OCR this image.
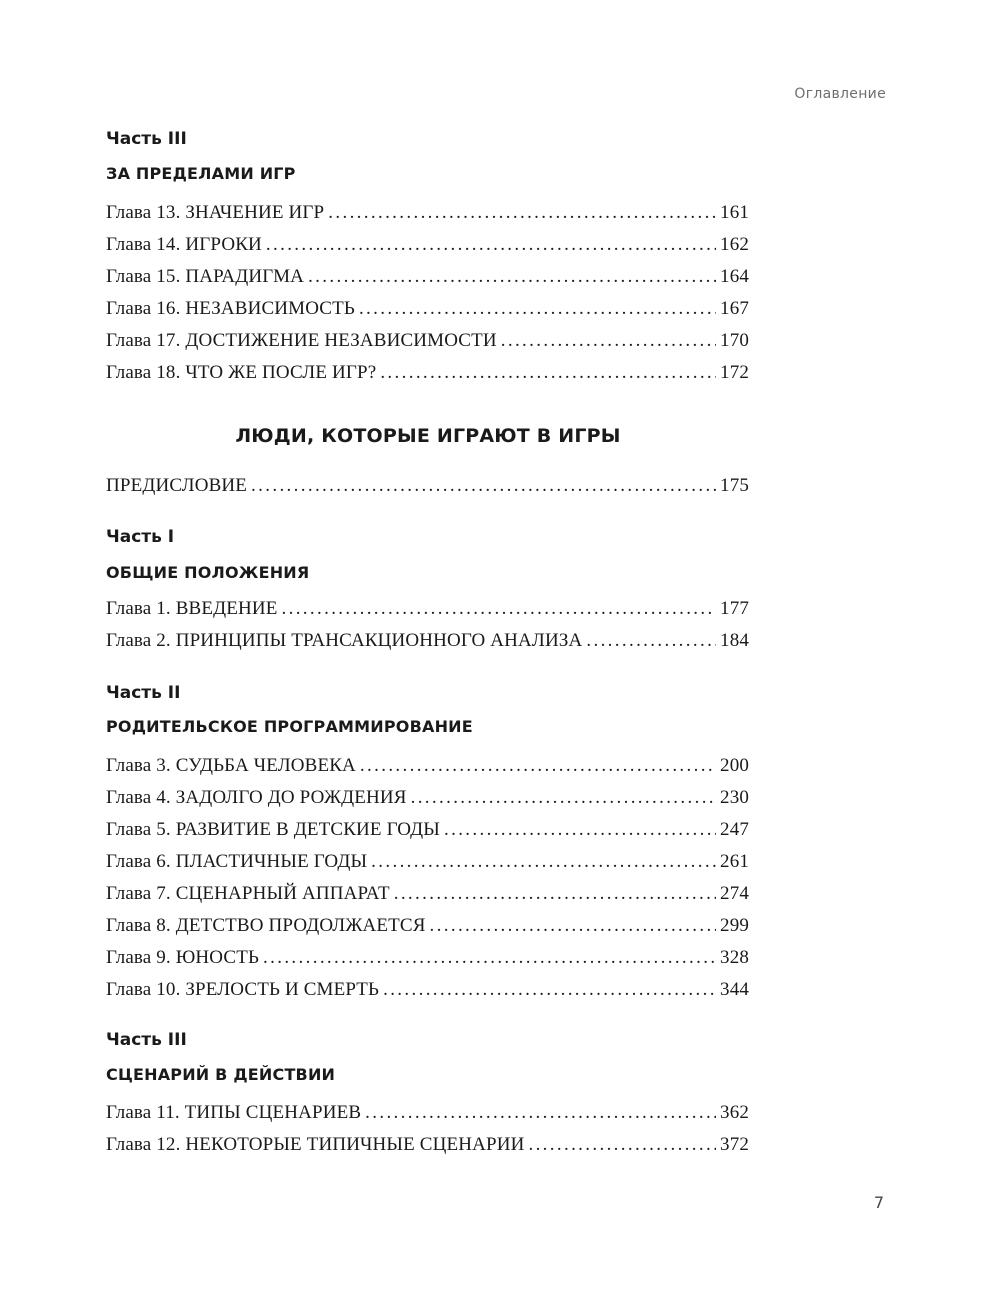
Оглавление
Часть III
ЗА ПРЕДЕЛАМИ ИГР
Глава 13. ЗНАЧЕНИЕ ИГР . . .	161
Глава 14. ИГРОКИ . . .	162
Глава 15. ПАРАДИГМА . . .	164
Глава 16. НЕЗАВИСИМОСТЬ . . .	167
Глава 17. ДОСТИЖЕНИЕ НЕЗАВИСИМОСТИ . . .	170
Глава 18. ЧТО ЖЕ ПОСЛЕ ИГР? . . .	172
ЛЮДИ, КОТОРЫЕ ИГРАЮТ В ИГРЫ
ПРЕДИСЛОВИЕ . . .	175
Часть I
ОБЩИЕ ПОЛОЖЕНИЯ
Глава 1. ВВЕДЕНИЕ . . .	177
Глава 2. ПРИНЦИПЫ ТРАНСАКЦИОННОГО АНАЛИЗА . . .	184
Часть II
РОДИТЕЛЬСКОЕ ПРОГРАММИРОВАНИЕ
Глава 3. СУДЬБА ЧЕЛОВЕКА . . .	200
Глава 4. ЗАДОЛГО ДО РОЖДЕНИЯ . . .	230
Глава 5. РАЗВИТИЕ В ДЕТСКИЕ ГОДЫ . . .	247
Глава 6. ПЛАСТИЧНЫЕ ГОДЫ . . .	261
Глава 7. СЦЕНАРНЫЙ АППАРАТ . . .	274
Глава 8. ДЕТСТВО ПРОДОЛЖАЕТСЯ . . .	299
Глава 9. ЮНОСТЬ . . .	328
Глава 10. ЗРЕЛОСТЬ И СМЕРТЬ . . .	344
Часть III
СЦЕНАРИЙ В ДЕЙСТВИИ
Глава 11. ТИПЫ СЦЕНАРИЕВ . . .	362
Глава 12. НЕКОТОРЫЕ ТИПИЧНЫЕ СЦЕНАРИИ . . .	372
7
